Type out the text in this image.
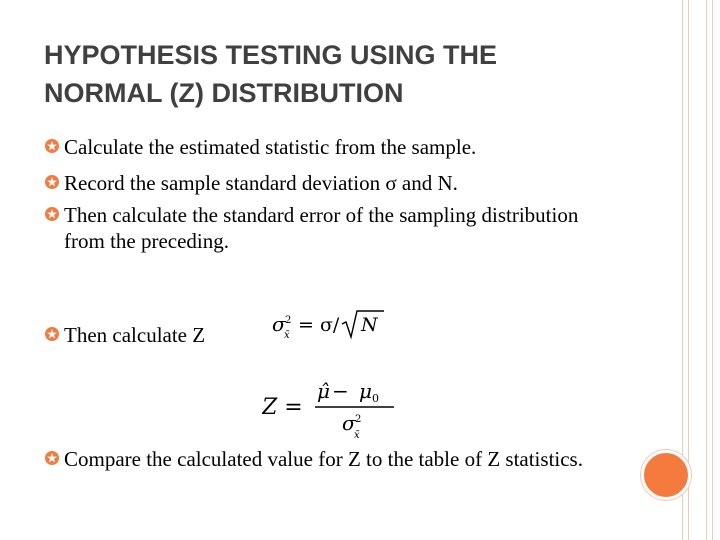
HYPOTHESIS TESTING USING THE
NORMAL (Z) DISTRIBUTION
Calculate the estimated statistic from the sample.
Record the sample standard deviation σ and N.
Then calculate the standard error of the sampling distribution from the preceding.
Then calculate Z
Compare the calculated value for Z to the table of Z statistics.
σ 2
x̄ = σ/ N
Z =
μ̂ − μ 0
σ 2
x̄
